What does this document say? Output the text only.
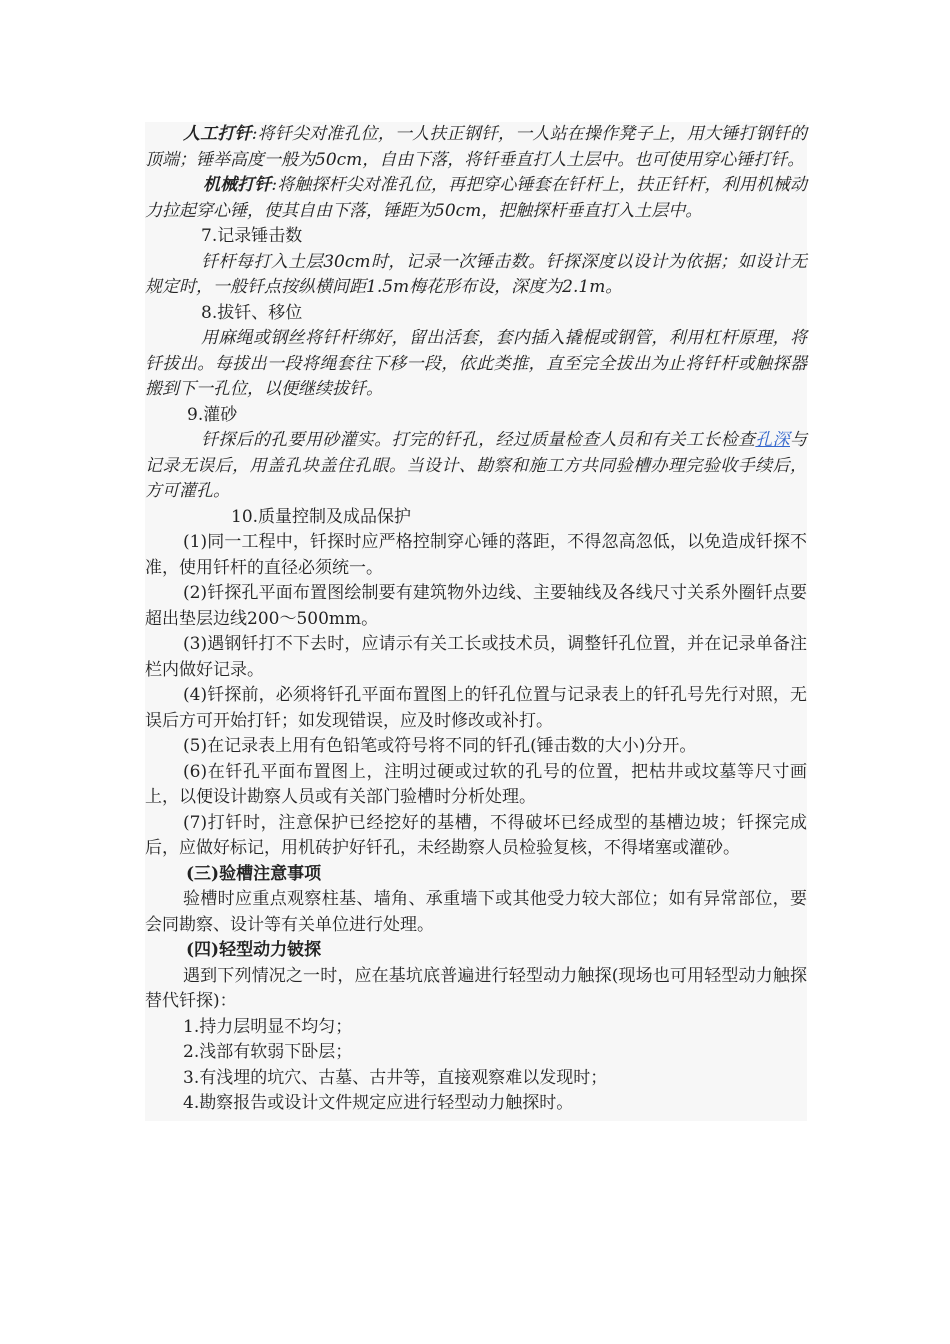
人工打钎:将钎尖对准孔位，一人扶正钢钎，一人站在操作凳子上，用大锤打钢钎的顶端；锤举高度一般为50cm，自由下落，将钎垂直打人土层中。也可使用穿心锤打钎。

机械打钎:将触探杆尖对准孔位，再把穿心锤套在钎杆上，扶正钎杆，利用机械动力拉起穿心锤，使其自由下落，锤距为50cm，把触探杆垂直打入土层中。

7.记录锤击数

钎杆每打入土层30cm时，记录一次锤击数。钎探深度以设计为依据；如设计无规定时，一般钎点按纵横间距1.5m梅花形布设，深度为2.1m。

8.拔钎、移位

用麻绳或钢丝将钎杆绑好，留出活套，套内插入撬棍或钢管，利用杠杆原理，将钎拔出。每拔出一段将绳套往下移一段，依此类推，直至完全拔出为止将钎杆或触探器搬到下一孔位，以便继续拔钎。

9.灌砂

钎探后的孔要用砂灌实。打完的钎孔，经过质量检查人员和有关工长检查孔深与记录无误后，用盖孔块盖住孔眼。当设计、勘察和施工方共同验槽办理完验收手续后，方可灌孔。

10.质量控制及成品保护

(1)同一工程中，钎探时应严格控制穿心锤的落距，不得忽高忽低，以免造成钎探不准，使用钎杆的直径必须统一。

(2)钎探孔平面布置图绘制要有建筑物外边线、主要轴线及各线尺寸关系外圈钎点要超出垫层边线200～500mm。

(3)遇钢钎打不下去时，应请示有关工长或技术员，调整钎孔位置，并在记录单备注栏内做好记录。

(4)钎探前，必须将钎孔平面布置图上的钎孔位置与记录表上的钎孔号先行对照，无误后方可开始打钎；如发现错误，应及时修改或补打。

(5)在记录表上用有色铅笔或符号将不同的钎孔(锤击数的大小)分开。

(6)在钎孔平面布置图上，注明过硬或过软的孔号的位置，把枯井或坟墓等尺寸画上，以便设计勘察人员或有关部门验槽时分析处理。

(7)打钎时，注意保护已经挖好的基槽，不得破坏已经成型的基槽边坡；钎探完成后，应做好标记，用机砖护好钎孔，未经勘察人员检验复核，不得堵塞或灌砂。

(三)验槽注意事项

验槽时应重点观察柱基、墙角、承重墙下或其他受力较大部位；如有异常部位，要会同勘察、设计等有关单位进行处理。

(四)轻型动力铍探

遇到下列情况之一时，应在基坑底普遍进行轻型动力触探(现场也可用轻型动力触探替代钎探)：

1.持力层明显不均匀；

2.浅部有软弱下卧层；

3.有浅埋的坑穴、古墓、古井等，直接观察难以发现时；

4.勘察报告或设计文件规定应进行轻型动力触探时。
